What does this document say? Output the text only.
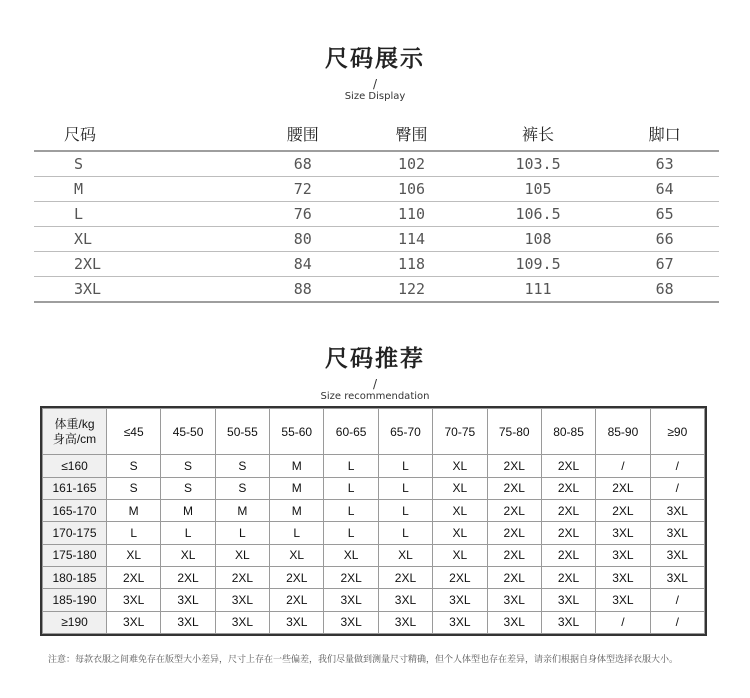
尺码展示
/
Size Display
尺码	腰围	臀围	裤长	脚口
S	68	102	103.5	63
M	72	106	105	64
L	76	110	106.5	65
XL	80	114	108	66
2XL	84	118	109.5	67
3XL	88	122	111	68
尺码推荐
/
Size recommendation
体重/kg
身高/cm	≤45	45-50	50-55	55-60	60-65	65-70	70-75	75-80	80-85	85-90	≥90
≤160	S	S	S	M	L	L	XL	2XL	2XL	/	/
161-165	S	S	S	M	L	L	XL	2XL	2XL	2XL	/
165-170	M	M	M	M	L	L	XL	2XL	2XL	2XL	3XL
170-175	L	L	L	L	L	L	XL	2XL	2XL	3XL	3XL
175-180	XL	XL	XL	XL	XL	XL	XL	2XL	2XL	3XL	3XL
180-185	2XL	2XL	2XL	2XL	2XL	2XL	2XL	2XL	2XL	3XL	3XL
185-190	3XL	3XL	3XL	2XL	3XL	3XL	3XL	3XL	3XL	3XL	/
≥190	3XL	3XL	3XL	3XL	3XL	3XL	3XL	3XL	3XL	/	/
注意：每款衣服之间难免存在版型大小差异，尺寸上存在一些偏差，我们尽量做到测量尺寸精确，但个人体型也存在差异，请亲们根据自身体型选择衣服大小。
